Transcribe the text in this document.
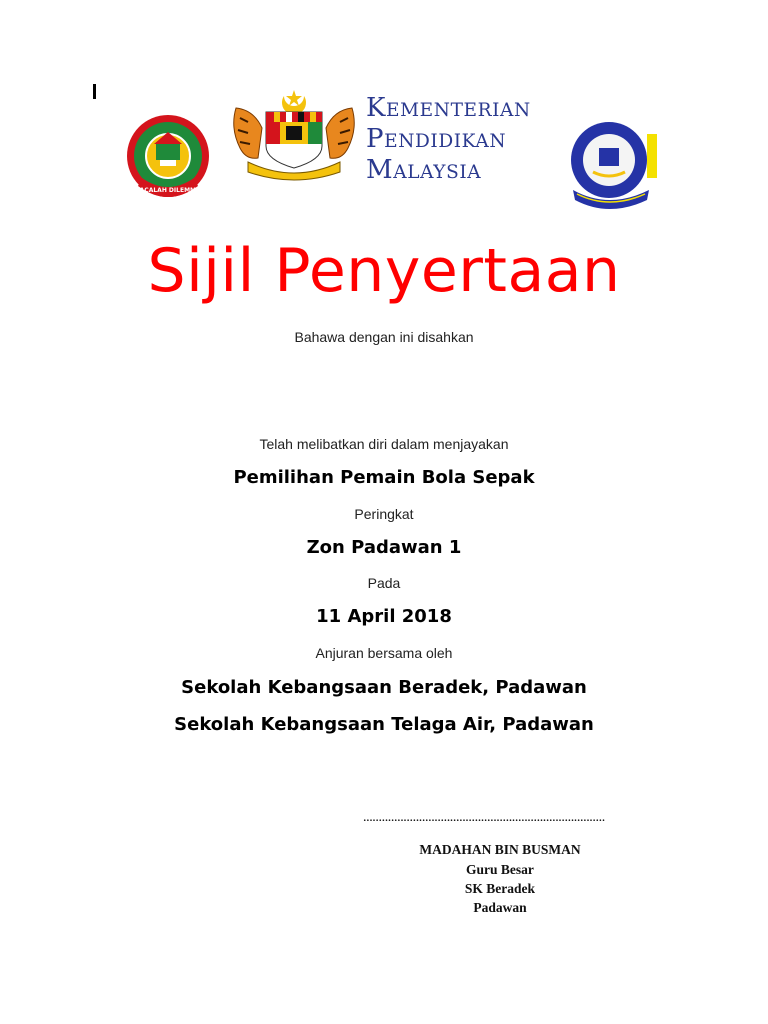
BACALAH DILEMMU
KEMENTERIAN
PENDIDIKAN
MALAYSIA
Sijil Penyertaan
Bahawa dengan ini disahkan
Telah melibatkan diri dalam menjayakan
Pemilihan Pemain Bola Sepak
Peringkat
Zon Padawan 1
Pada
11 April 2018
Anjuran bersama oleh
Sekolah Kebangsaan Beradek, Padawan
Sekolah Kebangsaan Telaga Air, Padawan
..............................................................................
MADAHAN BIN BUSMAN
Guru Besar
SK Beradek
Padawan
